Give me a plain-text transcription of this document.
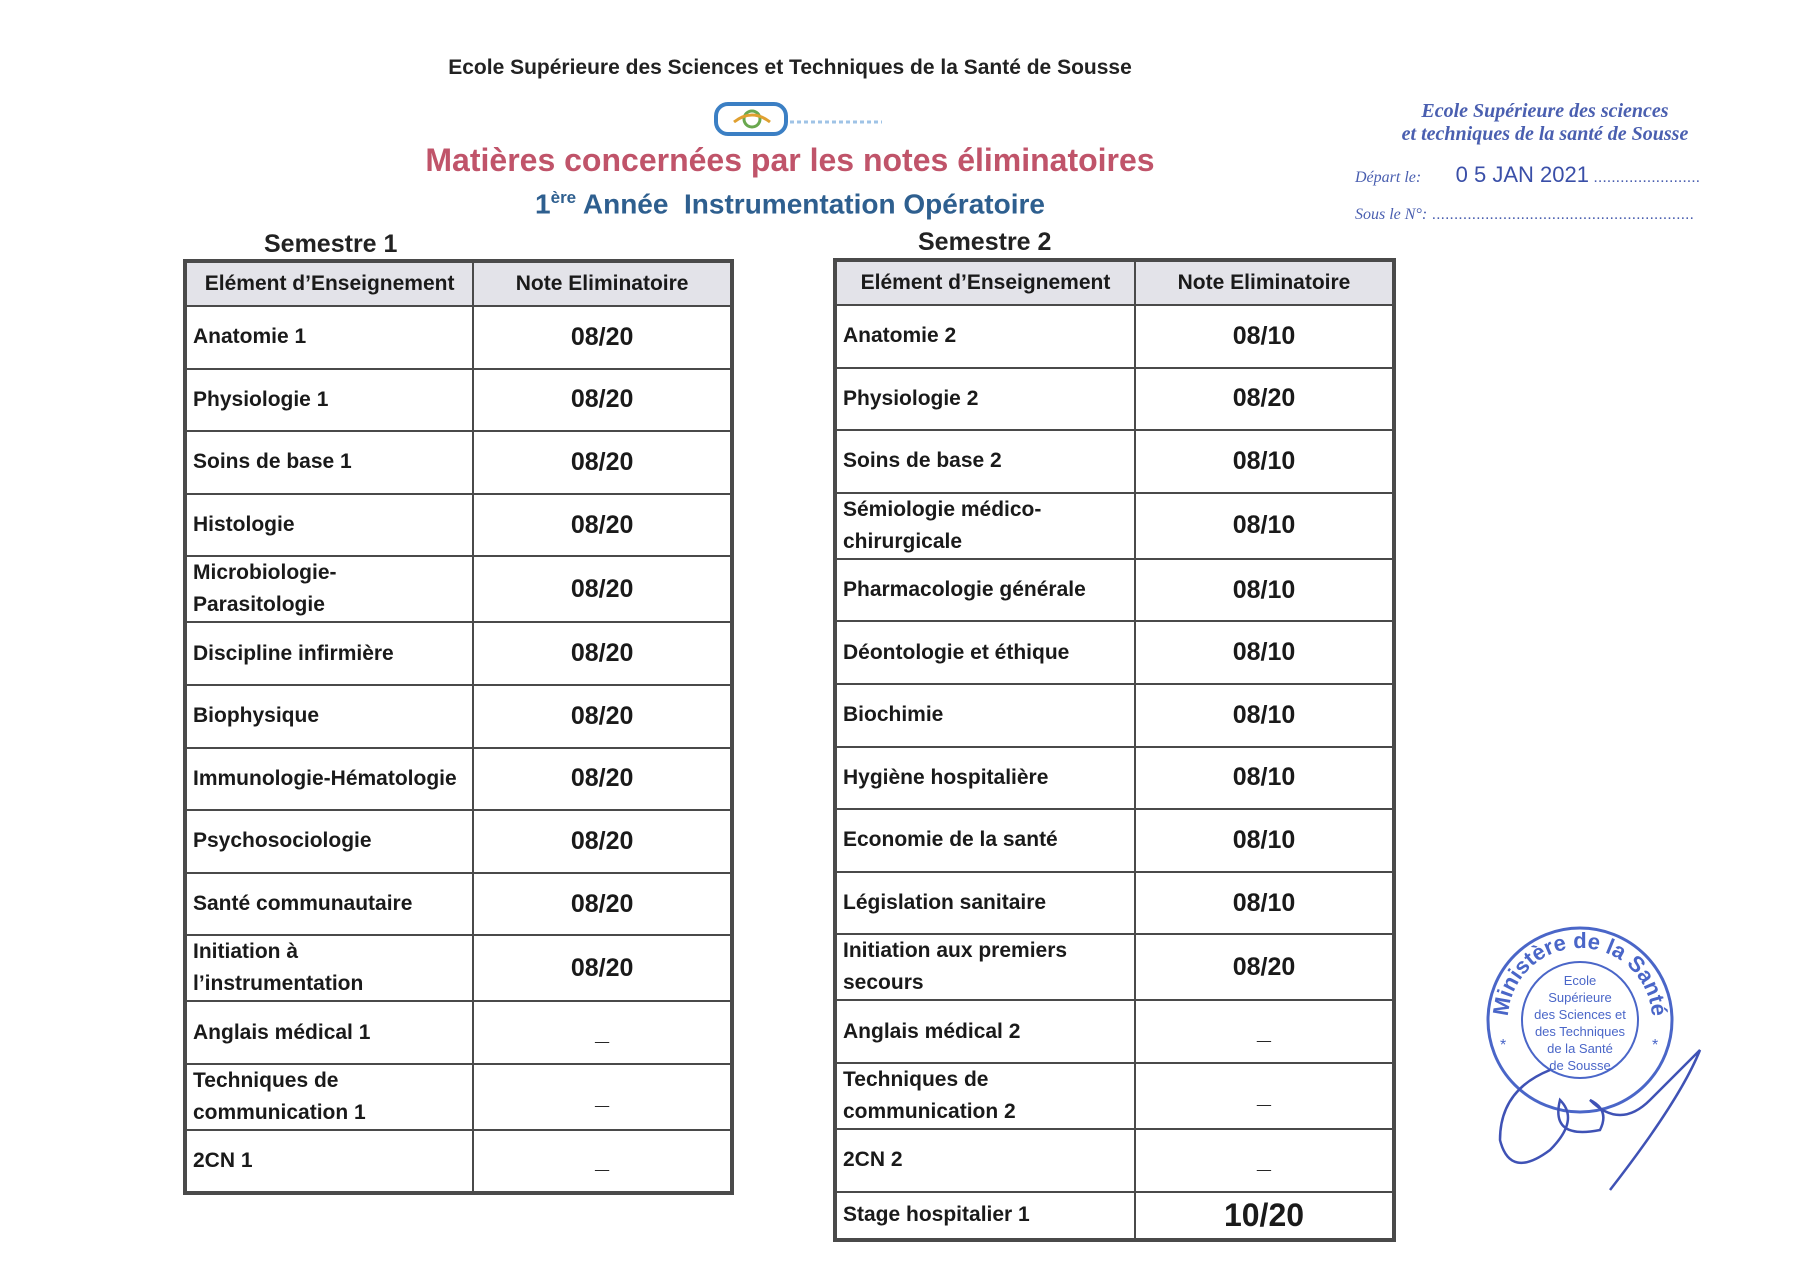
Ecole Supérieure des Sciences et Techniques de la Santé de Sousse
Matières concernées par les notes éliminatoires
1ère Année  Instrumentation Opératoire
Semestre 1	Semestre 2
Elément d’Enseignement	Note Eliminatoire
Anatomie 1	08/20
Physiologie 1	08/20
Soins de base 1	08/20
Histologie	08/20
Microbiologie-Parasitologie	08/20
Discipline infirmière	08/20
Biophysique	08/20
Immunologie-Hématologie	08/20
Psychosociologie	08/20
Santé communautaire	08/20
Initiation à l’instrumentation	08/20
Anglais médical 1	_
Techniques de communication 1	_
2CN 1	_
Elément d’Enseignement	Note Eliminatoire
Anatomie 2	08/10
Physiologie 2	08/20
Soins de base 2	08/10
Sémiologie médico-chirurgicale	08/10
Pharmacologie générale	08/10
Déontologie et éthique	08/10
Biochimie	08/10
Hygiène hospitalière	08/10
Economie de la santé	08/10
Législation sanitaire	08/10
Initiation aux premiers secours	08/20
Anglais médical 2	_
Techniques de communication 2	_
2CN 2	_
Stage hospitalier 1	10/20
Ecole Supérieure des sciences
et techniques de la santé de Sousse
Départ le: 0 5 JAN 2021 ........................
Sous le N°: ...........................................................
Ministère de la Santé
*	*
Ecole
Supérieure
des Sciences et
des Techniques
de la Santé
de Sousse
